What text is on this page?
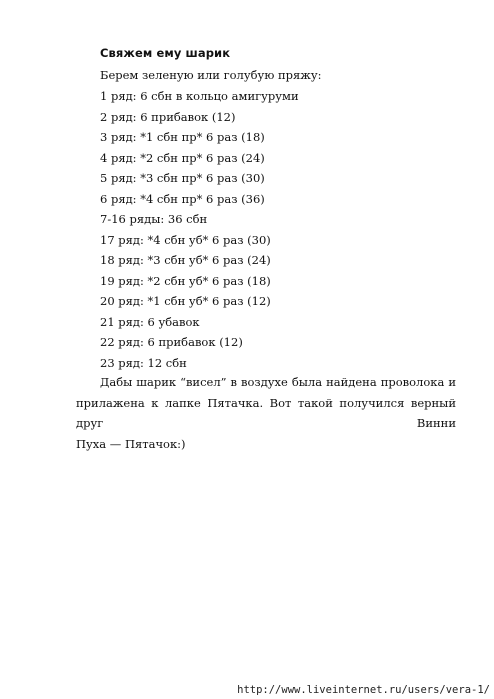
Свяжем ему шарик
Берем зеленую или голубую пряжу:
1 ряд: 6 сбн в кольцо амигуруми
2 ряд: 6 прибавок (12)
3 ряд: *1 сбн пр* 6 раз (18)
4 ряд: *2 сбн пр* 6 раз (24)
5 ряд: *3 сбн пр* 6 раз (30)
6 ряд: *4 сбн пр* 6 раз (36)
7-16 ряды: 36 сбн
17 ряд: *4 сбн уб* 6 раз (30)
18 ряд: *3 сбн уб* 6 раз (24)
19 ряд: *2 сбн уб* 6 раз (18)
20 ряд: *1 сбн уб* 6 раз (12)
21 ряд: 6 убавок
22 ряд: 6 прибавок (12)
23 ряд: 12 сбн

Дабы шарик “висел” в воздухе была найдена проволока и
прилажена к лапке Пятачка. Вот такой получился верный друг Винни
Пуха — Пятачок:)

http://www.liveinternet.ru/users/vera-1/
